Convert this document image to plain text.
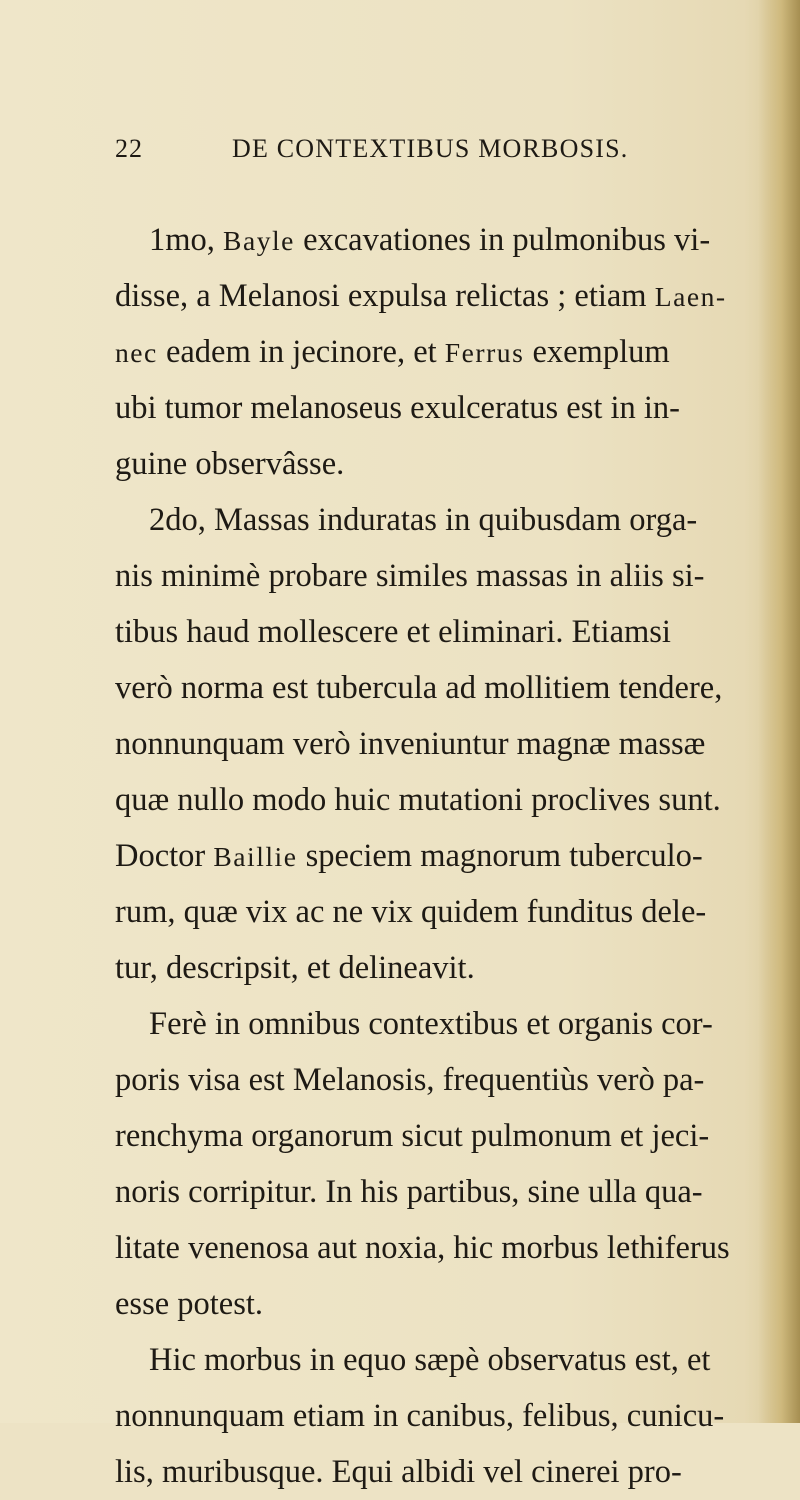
22	DE CONTEXTIBUS MORBOSIS.
1mo, Bayle excavationes in pulmonibus vi-
disse, a Melanosi expulsa relictas ; etiam Laen-
nec eadem in jecinore, et Ferrus exemplum
ubi tumor melanoseus exulceratus est in in-
guine observâsse.
2do, Massas induratas in quibusdam orga-
nis minimè probare similes massas in aliis si-
tibus haud mollescere et eliminari. Etiamsi
verò norma est tubercula ad mollitiem tendere,
nonnunquam verò inveniuntur magnæ massæ
quæ nullo modo huic mutationi proclives sunt.
Doctor Baillie speciem magnorum tuberculo-
rum, quæ vix ac ne vix quidem funditus dele-
tur, descripsit, et delineavit.
Ferè in omnibus contextibus et organis cor-
poris visa est Melanosis, frequentiùs verò pa-
renchyma organorum sicut pulmonum et jeci-
noris corripitur. In his partibus, sine ulla qua-
litate venenosa aut noxia, hic morbus lethiferus
esse potest.
Hic morbus in equo sæpè observatus est, et
nonnunquam etiam in canibus, felibus, cunicu-
lis, muribusque. Equi albidi vel cinerei pro-
